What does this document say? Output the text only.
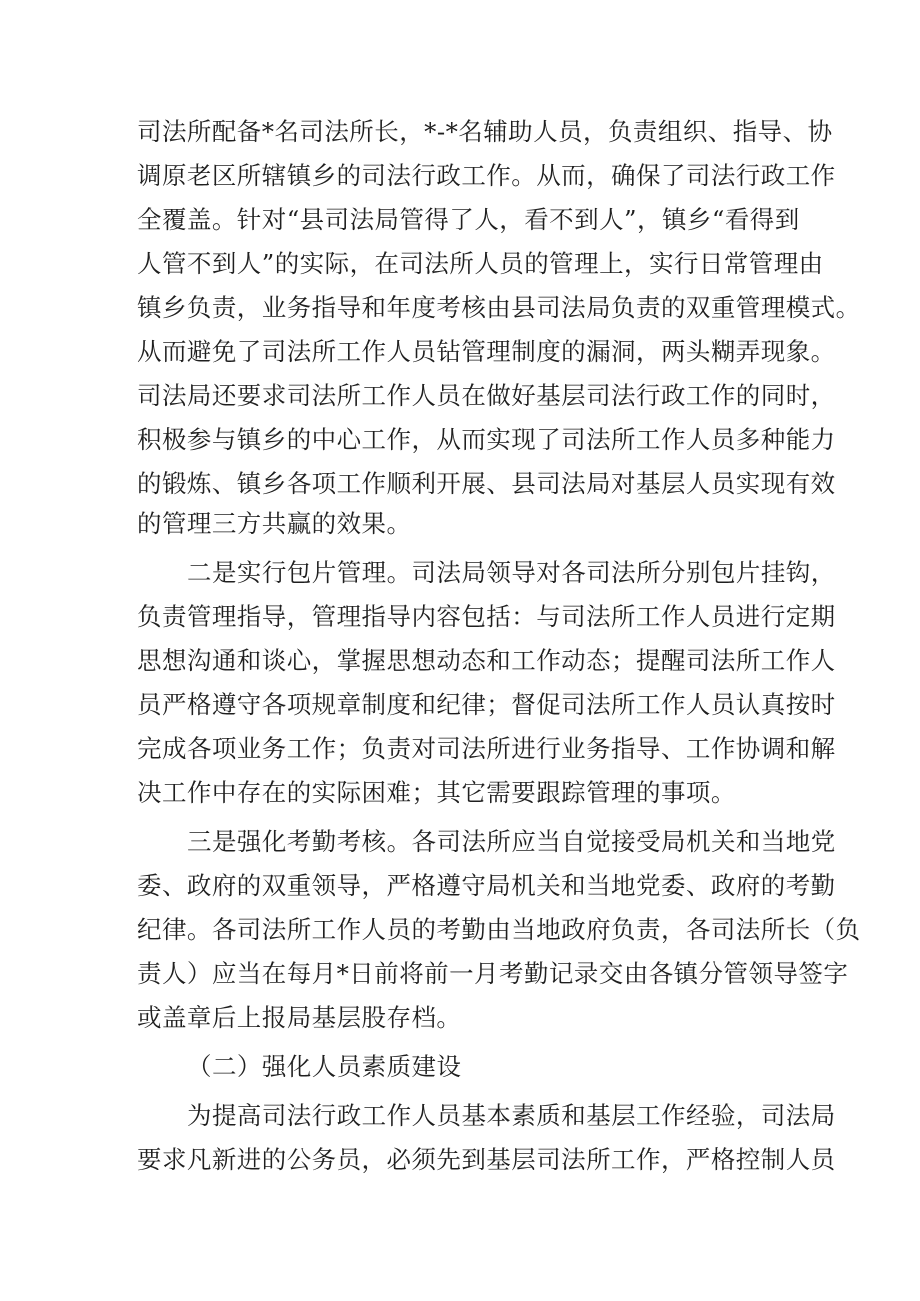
司法所配备*名司法所长，*-*名辅助人员，负责组织、指导、协
调原老区所辖镇乡的司法行政工作。从而，确保了司法行政工作
全覆盖。针对“县司法局管得了人，看不到人”，镇乡“看得到
人管不到人”的实际，在司法所人员的管理上，实行日常管理由
镇乡负责，业务指导和年度考核由县司法局负责的双重管理模式。
从而避免了司法所工作人员钻管理制度的漏洞，两头糊弄现象。
司法局还要求司法所工作人员在做好基层司法行政工作的同时，
积极参与镇乡的中心工作，从而实现了司法所工作人员多种能力
的锻炼、镇乡各项工作顺利开展、县司法局对基层人员实现有效
的管理三方共赢的效果。
二是实行包片管理。司法局领导对各司法所分别包片挂钩，
负责管理指导，管理指导内容包括：与司法所工作人员进行定期
思想沟通和谈心，掌握思想动态和工作动态；提醒司法所工作人
员严格遵守各项规章制度和纪律；督促司法所工作人员认真按时
完成各项业务工作；负责对司法所进行业务指导、工作协调和解
决工作中存在的实际困难；其它需要跟踪管理的事项。
三是强化考勤考核。各司法所应当自觉接受局机关和当地党
委、政府的双重领导，严格遵守局机关和当地党委、政府的考勤
纪律。各司法所工作人员的考勤由当地政府负责，各司法所长（负
责人）应当在每月*日前将前一月考勤记录交由各镇分管领导签字
或盖章后上报局基层股存档。
（二）强化人员素质建设
为提高司法行政工作人员基本素质和基层工作经验，司法局
要求凡新进的公务员，必须先到基层司法所工作，严格控制人员
